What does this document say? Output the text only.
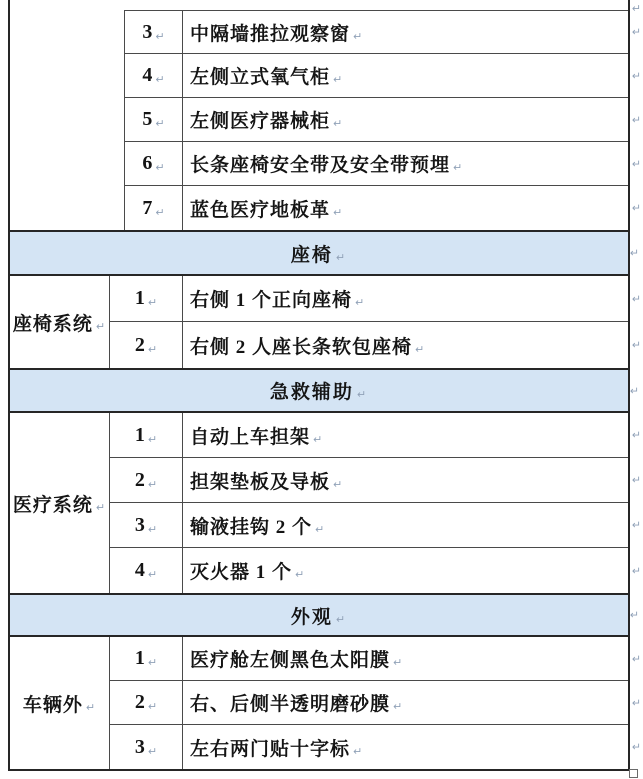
↵
3 ↵ 中隔墙推拉观察窗 ↵	↵
4 ↵ 左侧立式氧气柜 ↵	↵
5 ↵ 左侧医疗器械柜 ↵	↵
6 ↵ 长条座椅安全带及安全带预埋 ↵	↵
7 ↵ 蓝色医疗地板革 ↵	↵
座椅 ↵	↵
座椅系统 ↵
1 ↵ 右侧 1 个正向座椅 ↵	↵
2 ↵ 右侧 2 人座长条软包座椅 ↵	↵
急救辅助 ↵	↵
医疗系统 ↵
1 ↵ 自动上车担架 ↵	↵
2 ↵ 担架垫板及导板 ↵	↵
3 ↵ 输液挂钩 2 个 ↵	↵
4 ↵ 灭火器 1 个 ↵	↵
外观 ↵	↵
车辆外 ↵
1 ↵ 医疗舱左侧黑色太阳膜 ↵	↵
2 ↵ 右、后侧半透明磨砂膜 ↵	↵
3 ↵ 左右两门贴十字标 ↵	↵
